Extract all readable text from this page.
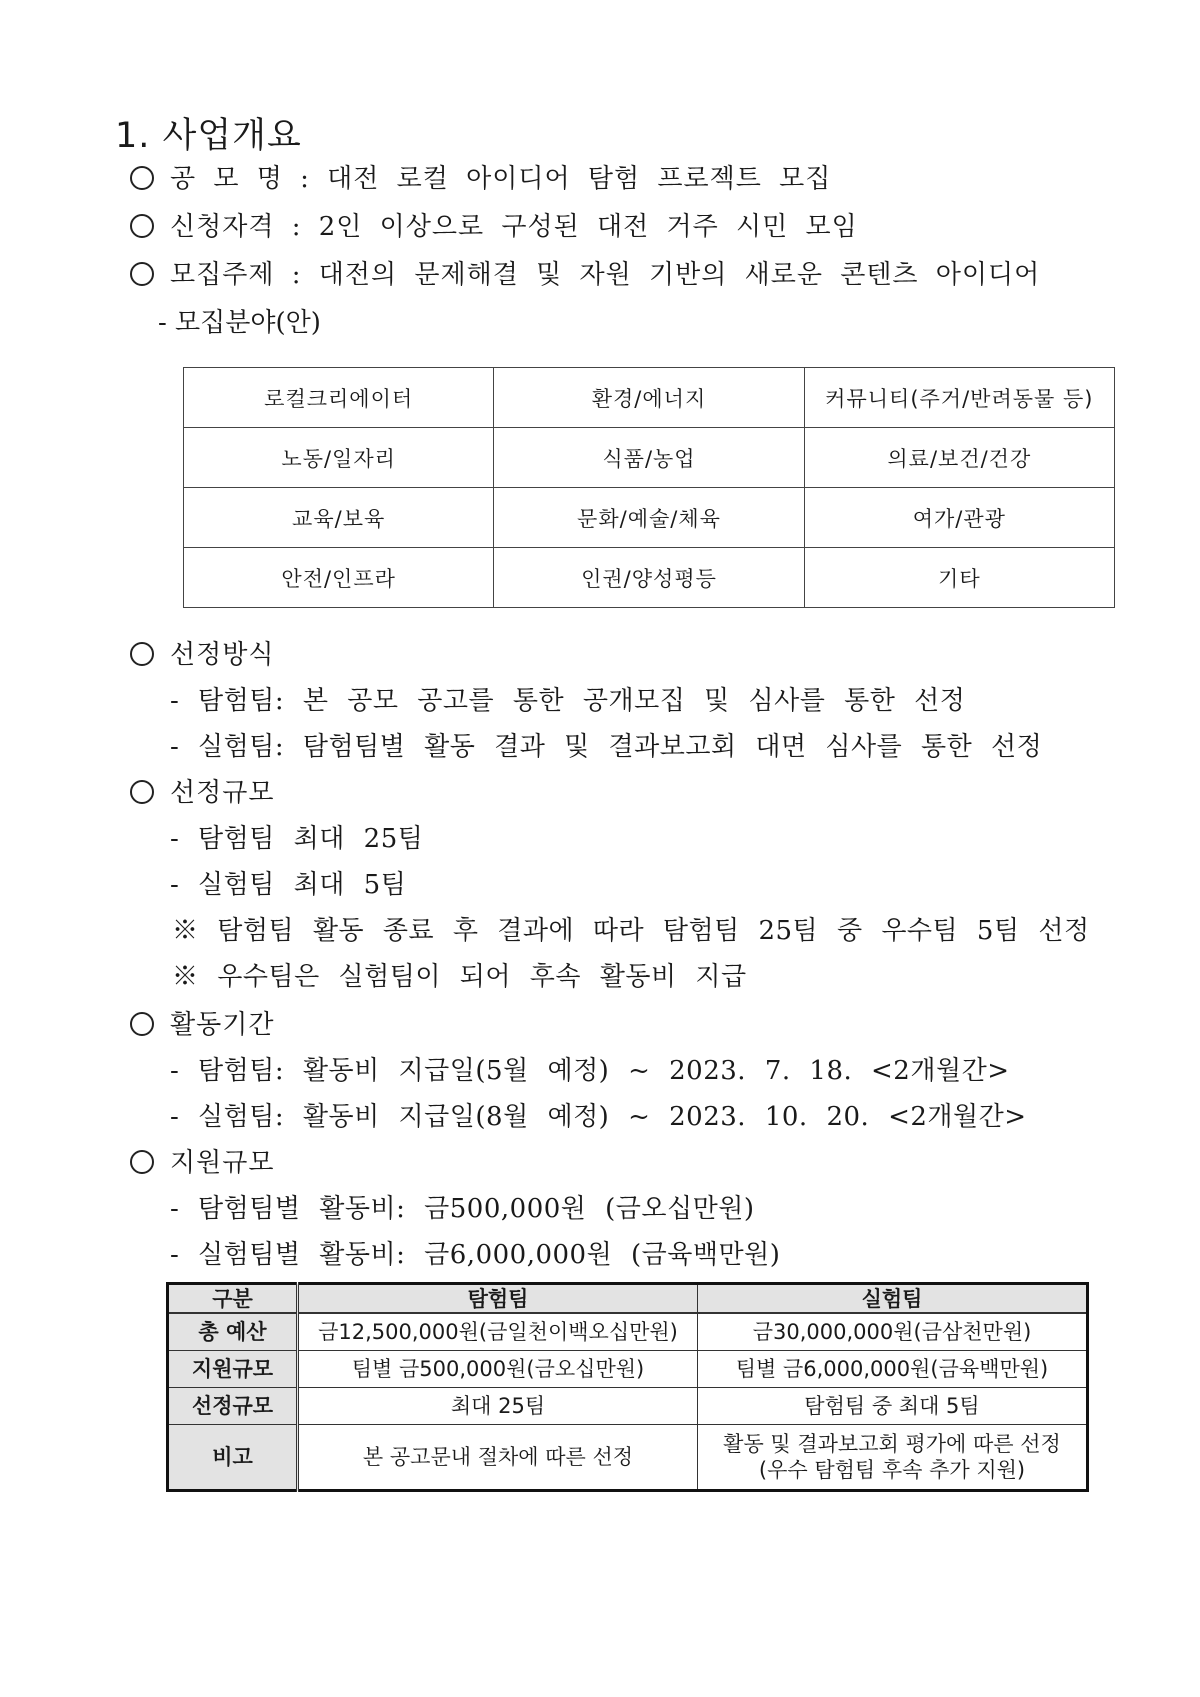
1. 사업개요
공 모 명 : 대전 로컬 아이디어 탐험 프로젝트 모집
신청자격 : 2인 이상으로 구성된 대전 거주 시민 모임
모집주제 : 대전의 문제해결 및 자원 기반의 새로운 콘텐츠 아이디어
- 모집분야(안)
로컬크리에이터	환경/에너지	커뮤니티(주거/반려동물 등)
노동/일자리	식품/농업	의료/보건/건강
교육/보육	문화/예술/체육	여가/관광
안전/인프라	인권/양성평등	기타
선정방식
- 탐험팀: 본 공모 공고를 통한 공개모집 및 심사를 통한 선정
- 실험팀: 탐험팀별 활동 결과 및 결과보고회 대면 심사를 통한 선정
선정규모
- 탐험팀 최대 25팀
- 실험팀 최대 5팀
※ 탐험팀 활동 종료 후 결과에 따라 탐험팀 25팀 중 우수팀 5팀 선정
※ 우수팀은 실험팀이 되어 후속 활동비 지급
활동기간
- 탐험팀: 활동비 지급일(5월 예정) ~ 2023. 7. 18. <2개월간>
- 실험팀: 활동비 지급일(8월 예정) ~ 2023. 10. 20. <2개월간>
지원규모
- 탐험팀별 활동비: 금500,000원 (금오십만원)
- 실험팀별 활동비: 금6,000,000원 (금육백만원)
구분	탐험팀	실험팀
총 예산	금12,500,000원(금일천이백오십만원)	금30,000,000원(금삼천만원)
지원규모	팀별 금500,000원(금오십만원)	팀별 금6,000,000원(금육백만원)
선정규모	최대 25팀	탐험팀 중 최대 5팀
비고	본 공고문내 절차에 따른 선정	활동 및 결과보고회 평가에 따른 선정
(우수 탐험팀 후속 추가 지원)
